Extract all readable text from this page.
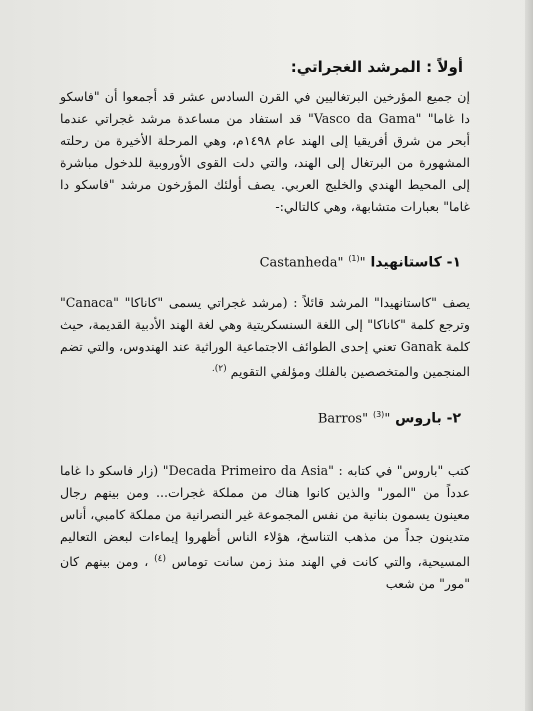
أولاً : المرشد الغجراتي:
إن جميع المؤرخين البرتغاليين في القرن السادس عشر قد أجمعوا أن "فاسكو دا غاما" "Vasco da Gama" قد استفاد من مساعدة مرشد غجراتي عندما أبحر من شرق أفريقيا إلى الهند عام ١٤٩٨م، وهي المرحلة الأخيرة من رحلته المشهورة من البرتغال إلى الهند، والتي دلت القوى الأوروبية للدخول مباشرة إلى المحيط الهندي والخليج العربي. يصف أولئك المؤرخون مرشد "فاسكو دا غاما" بعبارات متشابهة، وهي كالتالي:-
١- كاستانهيدا "Castanheda" $^{(1)}$
يصف "كاستانهيدا" المرشد قائلاً : (مرشد غجراتي يسمى "كاناكا" "Canaca" وترجع كلمة "كاناكا" إلى اللغة السنسكريتية وهي لغة الهند الأدبية القديمة، حيث كلمة Ganak تعني إحدى الطوائف الاجتماعية الوراثية عند الهندوس، والتي تضم المنجمين والمتخصصين بالفلك ومؤلفي التقويم $^{(٢).}$
٢- باروس "Barros" $^{(3)}$
كتب "باروس" في كتابه : "Decada Primeiro da Asia" (زار فاسكو دا غاما عدداً من "المور" والذين كانوا هناك من مملكة غجرات... ومن بينهم رجال معينون يسمون بنانية من نفس المجموعة غير النصرانية من مملكة كامبي، أناس متدينون جداً من مذهب التناسخ، هؤلاء الناس أظهروا إيماءات لبعض التعاليم المسيحية، والتي كانت في الهند منذ زمن سانت توماس $^{(٤)}$ ، ومن بينهم كان "مور" من شعب
